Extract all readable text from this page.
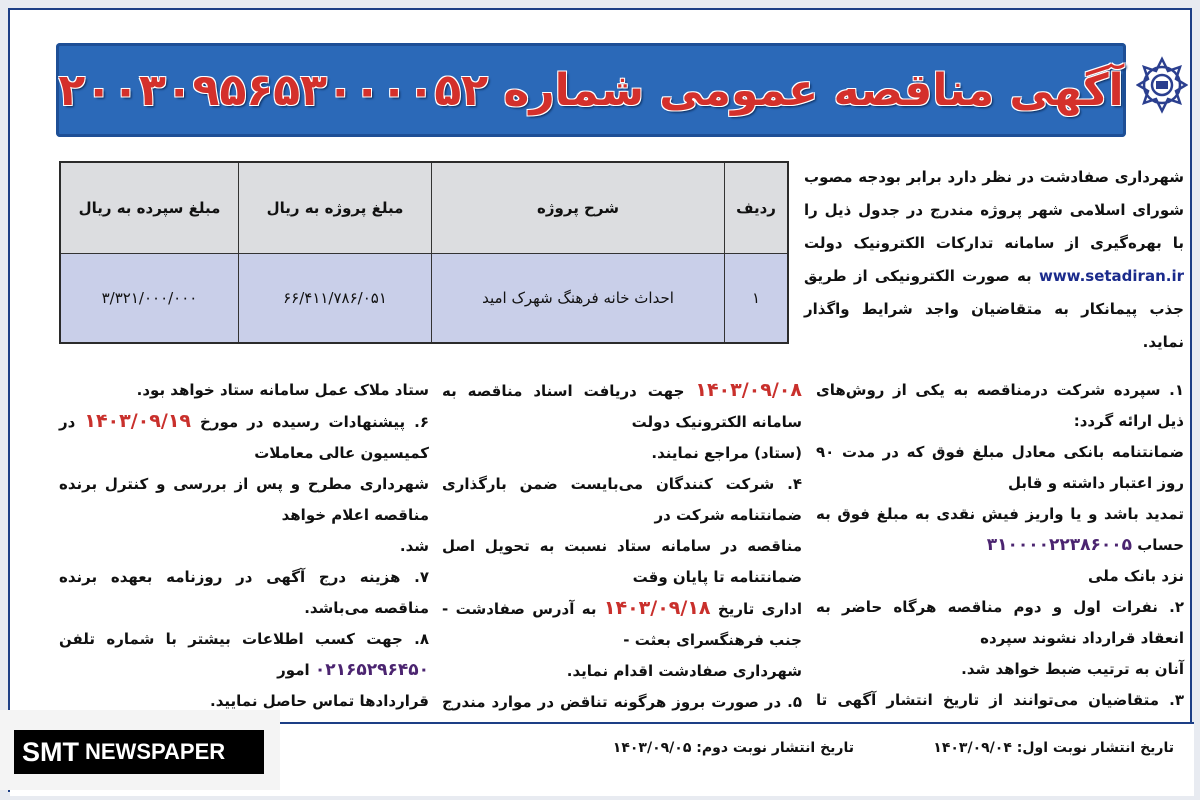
آگهی مناقصه عمومی شماره ۲۰۰۳۰۹۵۶۵۳۰۰۰۰۵۲
ردیف	شرح پروژه	مبلغ پروژه به ریال	مبلغ سپرده به ریال
۱	احداث خانه فرهنگ شهرک امید	۶۶/۴۱۱/۷۸۶/۰۵۱	۳/۳۲۱/۰۰۰/۰۰۰
شهرداری صفادشت در نظر دارد برابر بودجه مصوب شورای اسلامی شهر پروژه مندرج در جدول ذیل را با بهره‌گیری از سامانه تدارکات الکترونیک دولت www.setadiran.ir به صورت الکترونیکی از طریق جذب پیمانکار به متقاضیان واجد شرایط واگذار نماید.

۱. سپرده شرکت درمناقصه به یکی از روش‌های ذیل ارائه گردد:

ضمانتنامه بانکی معادل مبلغ فوق که در مدت ۹۰ روز اعتبار داشته و قابل

تمدید باشد و یا واریز فیش نقدی به مبلغ فوق به حساب ۳۱۰۰۰۰۲۲۳۸۶۰۰۵

نزد بانک ملی

۲. نفرات اول و دوم مناقصه هرگاه حاضر به انعقاد قرارداد نشوند سپرده

آنان به ترتیب ضبط خواهد شد.

۳. متقاضیان می‌توانند از تاریخ انتشار آگهی تا

۱۴۰۳/۰۹/۰۸ جهت دریافت اسناد مناقصه به سامانه الکترونیک دولت

(ستاد) مراجع نمایند.

۴. شرکت کنندگان می‌بایست ضمن بارگذاری ضمانتنامه شرکت در

مناقصه در سامانه ستاد نسبت به تحویل اصل ضمانتنامه تا پایان وقت

اداری تاریخ ۱۴۰۳/۰۹/۱۸ به آدرس صفادشت - جنب فرهنگسرای بعثت -

شهرداری صفادشت اقدام نماید.

۵. در صورت بروز هرگونه تناقض در موارد مندرج

ستاد ملاک عمل سامانه ستاد خواهد بود.

۶. پیشنهادات رسیده در مورخ ۱۴۰۳/۰۹/۱۹ در کمیسیون عالی معاملات

شهرداری مطرح و پس از بررسی و کنترل برنده مناقصه اعلام خواهد

شد.

۷. هزینه درج آگهی در روزنامه بعهده برنده مناقصه می‌باشد.

۸. جهت کسب اطلاعات بیشتر با شماره تلفن ۰۲۱۶۵۲۹۶۴۵۰ امور

قراردادها تماس حاصل نمایید.

تاریخ انتشار نوبت اول: ۱۴۰۳/۰۹/۰۴
تاریخ انتشار نوبت دوم: ۱۴۰۳/۰۹/۰۵
SMT NEWSPAPER
